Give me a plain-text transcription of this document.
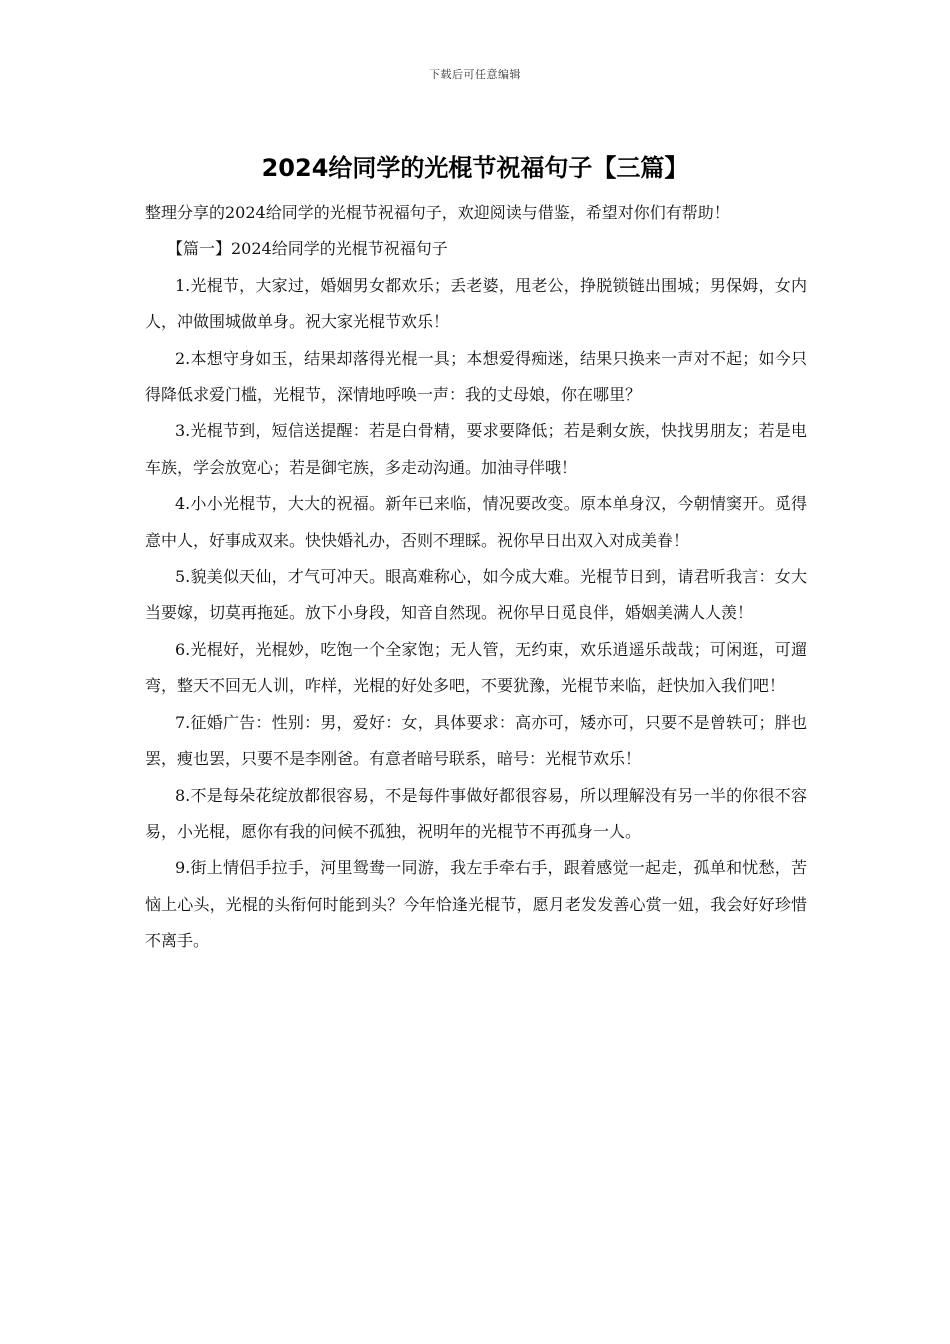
下载后可任意编辑
2024给同学的光棍节祝福句子【三篇】

整理分享的2024给同学的光棍节祝福句子，欢迎阅读与借鉴，希望对你们有帮助！

【篇一】2024给同学的光棍节祝福句子

1.光棍节，大家过，婚姻男女都欢乐；丢老婆，甩老公，挣脱锁链出围城；男保姆，女内人，冲做围城做单身。祝大家光棍节欢乐！

2.本想守身如玉，结果却落得光棍一具；本想爱得痴迷，结果只换来一声对不起；如今只得降低求爱门槛，光棍节，深情地呼唤一声：我的丈母娘，你在哪里？

3.光棍节到，短信送提醒：若是白骨精，要求要降低；若是剩女族，快找男朋友；若是电车族，学会放宽心；若是御宅族，多走动沟通。加油寻伴哦！

4.小小光棍节，大大的祝福。新年已来临，情况要改变。原本单身汉，今朝情窦开。觅得意中人，好事成双来。快快婚礼办，否则不理睬。祝你早日出双入对成美眷！

5.貌美似天仙，才气可冲天。眼高难称心，如今成大难。光棍节日到，请君听我言：女大当要嫁，切莫再拖延。放下小身段，知音自然现。祝你早日觅良伴，婚姻美满人人羡！

6.光棍好，光棍妙，吃饱一个全家饱；无人管，无约束，欢乐逍遥乐哉哉；可闲逛，可遛弯，整天不回无人训，咋样，光棍的好处多吧，不要犹豫，光棍节来临，赶快加入我们吧！

7.征婚广告：性别：男，爱好：女，具体要求：高亦可，矮亦可，只要不是曾轶可；胖也罢，瘦也罢，只要不是李刚爸。有意者暗号联系，暗号：光棍节欢乐！

8.不是每朵花绽放都很容易，不是每件事做好都很容易，所以理解没有另一半的你很不容易，小光棍，愿你有我的问候不孤独，祝明年的光棍节不再孤身一人。

9.街上情侣手拉手，河里鸳鸯一同游，我左手牵右手，跟着感觉一起走，孤单和忧愁，苦恼上心头，光棍的头衔何时能到头？今年恰逢光棍节，愿月老发发善心赏一妞，我会好好珍惜不离手。
